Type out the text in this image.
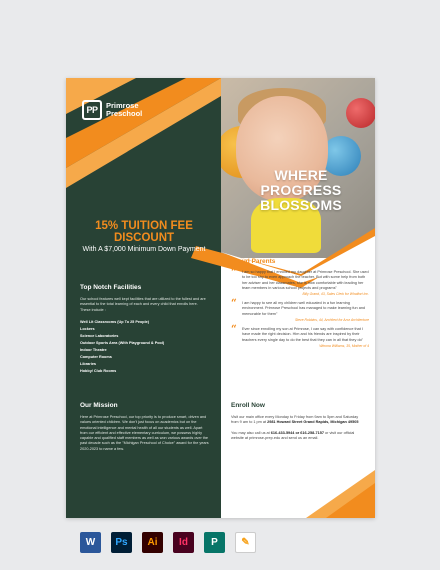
PP	Primrose
Preschool
WHERE PROGRESS BLOSSOMS
15% TUITION FEE DISCOUNT
With A $7,000 Minimum Down Payment
Top Notch Facilities
Our school features well kept facilities that are utilized to the fullest and are essential to the total learning of each and every child that enrolls here. These include :
Well Lit Classrooms (Up To 25 People)
Lockers
Science Laboratories
Outdoor Sports Area (With Playground & Pool)
Indoor Theatre
Computer Rooms
Libraries
Hobby/ Club Rooms
Our Mission
Here at Primrose Preschool, our top priority is to produce smart, driven and values oriented children. We don't just focus on academics but on the emotional intelligence and mental health of all our students as well. Apart from our efficient and effective elementary curriculum, we possess highly capable and qualified staff members as well as won various awards over the past decade such as the "Michigan Preschool of Choice" award for the years 2020-2023 to name a few.
Proud Parents
“ I am so happy that I enrolled my daughter at Primrose Preschool. She used to be too shy to even approach the teacher. But with some help from both her adviser and her classmates, she is now comfortable with leading her team members in various school projects and programs"
Billy Grand, 43, Sales Clerk for Whatfort Inc.
“ I am happy to see all my children well educated in a fun learning environment. Primrose Preschool has managed to make learning fun and memorable for them"
Steve Robbins, 44, Architect for Arcz Architecture
“ Ever since enrolling my son at Primrose, I can say with confidence that I have made the right decision. Him and his friends are inspired by their teachers every single day to do the best that they can in all that they do"
Winona Williams, 35, Mother of 4
Enroll Now
Visit our main office every Monday to Friday from 9am to 5pm and Saturday from 9 am to 1 pm at 2981 Howard Street Grand Rapids, Michigan 49505
You may also call us at 616-433-5944 or 616-258-7157 or visit our official website at primrose-prep.edu and send us an email.
W	Ps	Ai	Id	P	✎
